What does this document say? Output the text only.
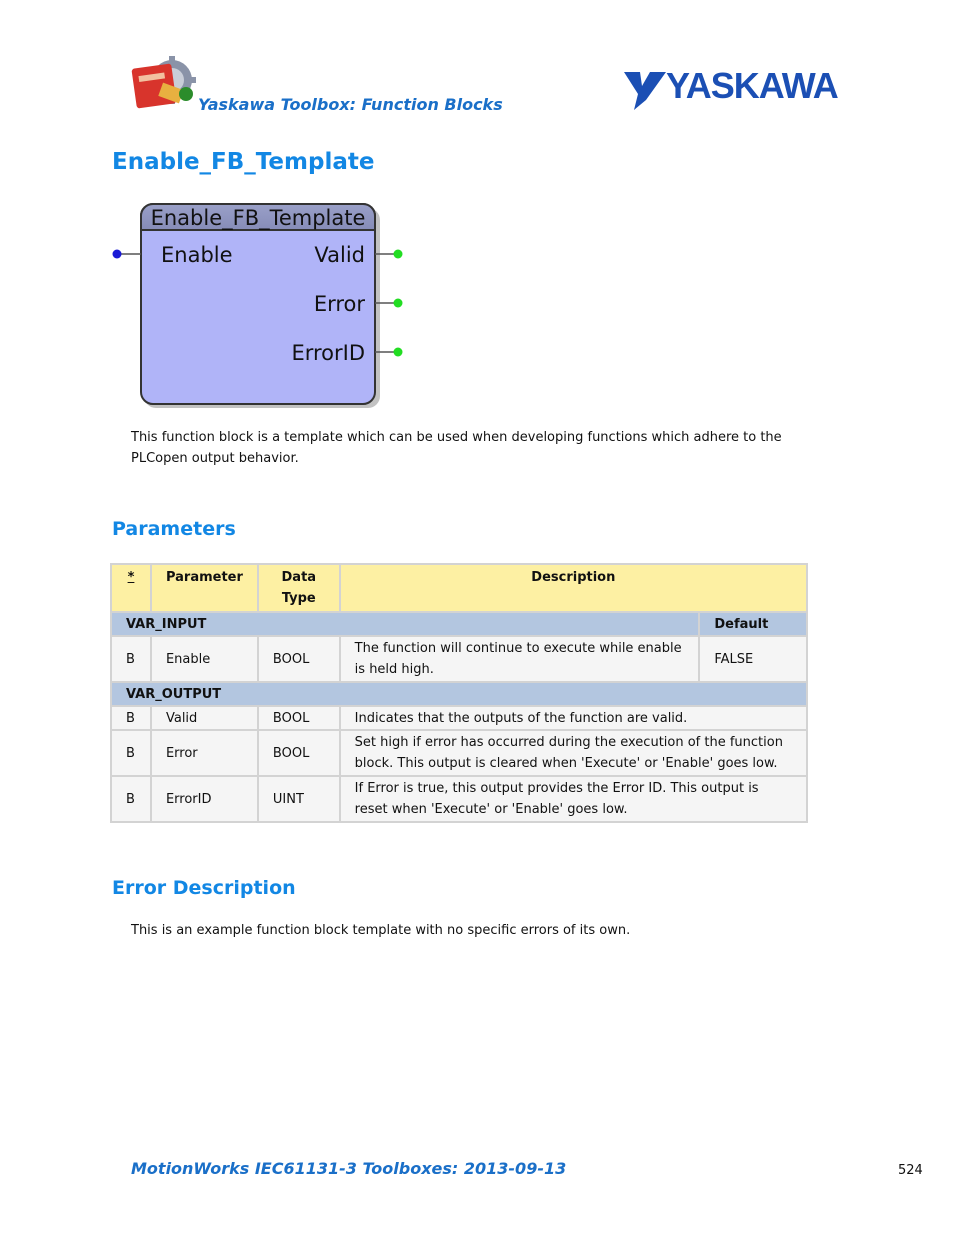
Yaskawa Toolbox: Function Blocks	YASKAWA
Enable_FB_Template
Enable_FB_Template
Enable	Valid
Error
ErrorID
This function block is a template which can be used when developing functions which adhere to the PLCopen output behavior.
Parameters
*	Parameter	Data Type	Description	
VAR_INPUT				Default
B	Enable	BOOL	The function will continue to execute while enable is held high.	FALSE
VAR_OUTPUT				
B	Valid	BOOL	Indicates that the outputs of the function are valid.	
B	Error	BOOL	Set high if error has occurred during the execution of the function block. This output is cleared when 'Execute' or 'Enable' goes low.	
B	ErrorID	UINT	If Error is true, this output provides the Error ID. This output is reset when 'Execute' or 'Enable' goes low.	
Error Description
This is an example function block template with no specific errors of its own.
MotionWorks IEC61131-3 Toolboxes: 2013-09-13	524
